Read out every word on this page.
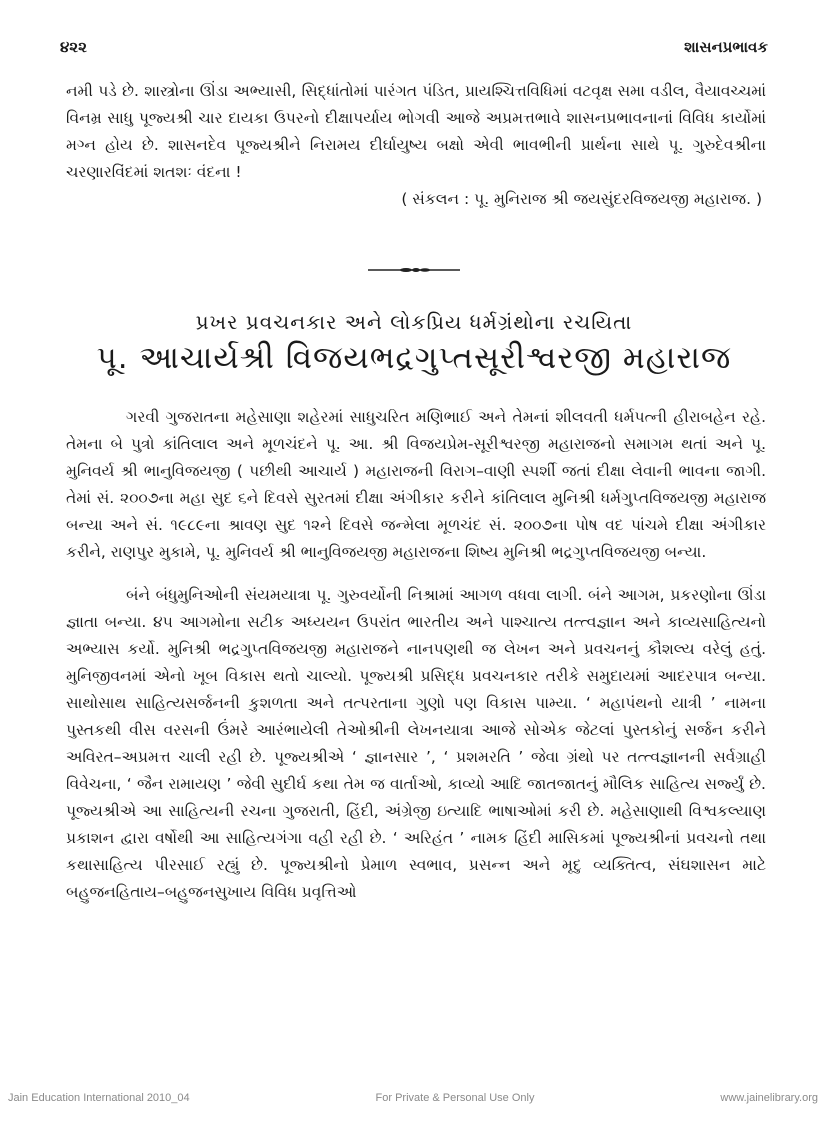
૪૨૨	શાસનપ્રભાવક

નમી પડે છે. શાસ્ત્રોના ઊંડા અભ્યાસી, સિદ્ધાંતોમાં પારંગત પંડિત, પ્રાયશ્ચિત્તવિધિમાં વટવૃક્ષ સમા વડીલ, વૈયાવચ્ચમાં વિનમ્ર સાધુ પૂજ્યશ્રી ચાર દાયકા ઉપરનો દીક્ષાપર્યાય ભોગવી આજે અપ્રમત્તભાવે શાસનપ્રભાવનાનાં વિવિધ કાર્યોમાં મગ્ન હોય છે. શાસનદેવ પૂજ્યશ્રીને નિરામય દીર્ઘાયુષ્ય બક્ષો એવી ભાવભીની પ્રાર્થના સાથે પૂ. ગુરુદેવશ્રીના ચરણારવિંદમાં શતશઃ વંદના !

( સંકલન : પૂ. મુનિરાજ શ્રી જયસુંદરવિજયજી મહારાજ. )

પ્રખર પ્રવચનકાર અને લોકપ્રિય ધર્મગ્રંથોના રચયિતા
પૂ. આચાર્યશ્રી વિજયભદ્રગુપ્તસૂરીશ્વરજી મહારાજ

ગરવી ગુજરાતના મહેસાણા શહેરમાં સાધુચરિત મણિભાઈ અને તેમનાં શીલવતી ધર્મપત્ની હીરાબહેન રહે. તેમના બે પુત્રો કાંતિલાલ અને મૂળચંદને પૂ. આ. શ્રી વિજયપ્રેમ-સૂરીશ્વરજી મહારાજનો સમાગમ થતાં અને પૂ. મુનિવર્ય શ્રી ભાનુવિજયજી ( પછીથી આચાર્ય ) મહારાજની વિરાગ–વાણી સ્પર્શી જતાં દીક્ષા લેવાની ભાવના જાગી. તેમાં સં. ૨૦૦૭ના મહા સુદ ૬ને દિવસે સુરતમાં દીક્ષા અંગીકાર કરીને કાંતિલાલ મુનિશ્રી ધર્મગુપ્તવિજયજી મહારાજ બન્યા અને સં. ૧૯૮૯ના શ્રાવણ સુદ ૧૨ને દિવસે જન્મેલા મૂળચંદ સં. ૨૦૦૭ના પોષ વદ પાંચમે દીક્ષા અંગીકાર કરીને, રાણપુર મુકામે, પૂ. મુનિવર્ય શ્રી ભાનુવિજયજી મહારાજના શિષ્ય મુનિશ્રી ભદ્રગુપ્તવિજયજી બન્યા.

બંને બંધુમુનિઓની સંયમયાત્રા પૂ. ગુરુવર્યોની નિશ્રામાં આગળ વધવા લાગી. બંને આગમ, પ્રકરણોના ઊંડા જ્ઞાતા બન્યા. ૪૫ આગમોના સટીક અધ્યયન ઉપરાંત ભારતીય અને પાશ્ચાત્ય તત્ત્વજ્ઞાન અને કાવ્યસાહિત્યનો અભ્યાસ કર્યો. મુનિશ્રી ભદ્રગુપ્તવિજયજી મહારાજને નાનપણથી જ લેખન અને પ્રવચનનું કૌશલ્ય વરેલું હતું. મુનિજીવનમાં એનો ખૂબ વિકાસ થતો ચાલ્યો. પૂજ્યશ્રી પ્રસિદ્ધ પ્રવચનકાર તરીકે સમુદાયમાં આદરપાત્ર બન્યા. સાથોસાથ સાહિત્યસર્જનની કુશળતા અને તત્પરતાના ગુણો પણ વિકાસ પામ્યા. ‘ મહાપંથનો યાત્રી ’ નામના પુસ્તકથી વીસ વરસની ઉંમરે આરંભાયેલી તેઓશ્રીની લેખનયાત્રા આજે સોએક જેટલાં પુસ્તકોનું સર્જન કરીને અવિરત–અપ્રમત્ત ચાલી રહી છે. પૂજ્યશ્રીએ ‘ જ્ઞાનસાર ’, ‘ પ્રશમરતિ ’ જેવા ગ્રંથો પર તત્ત્વજ્ઞાનની સર્વગ્રાહી વિવેચના, ‘ જૈન રામાયણ ’ જેવી સુદીર્ઘ કથા તેમ જ વાર્તાઓ, કાવ્યો આદિ જાતજાતનું મૌલિક સાહિત્ય સર્જ્યું છે. પૂજ્યશ્રીએ આ સાહિત્યની રચના ગુજરાતી, હિંદી, અંગ્રેજી ઇત્યાદિ ભાષાઓમાં કરી છે. મહેસાણાથી વિશ્વકલ્યાણ પ્રકાશન દ્વારા વર્ષોથી આ સાહિત્યગંગા વહી રહી છે. ‘ અરિહંત ’ નામક હિંદી માસિકમાં પૂજ્યશ્રીનાં પ્રવચનો તથા કથાસાહિત્ય પીરસાઈ રહ્યું છે. પૂજ્યશ્રીનો પ્રેમાળ સ્વભાવ, પ્રસન્ન અને મૃદુ વ્યક્તિત્વ, સંઘશાસન માટે બહુજનહિતાય–બહુજનસુખાય વિવિધ પ્રવૃત્તિઓ

Jain Education International 2010_04	For Private & Personal Use Only	www.jainelibrary.org
